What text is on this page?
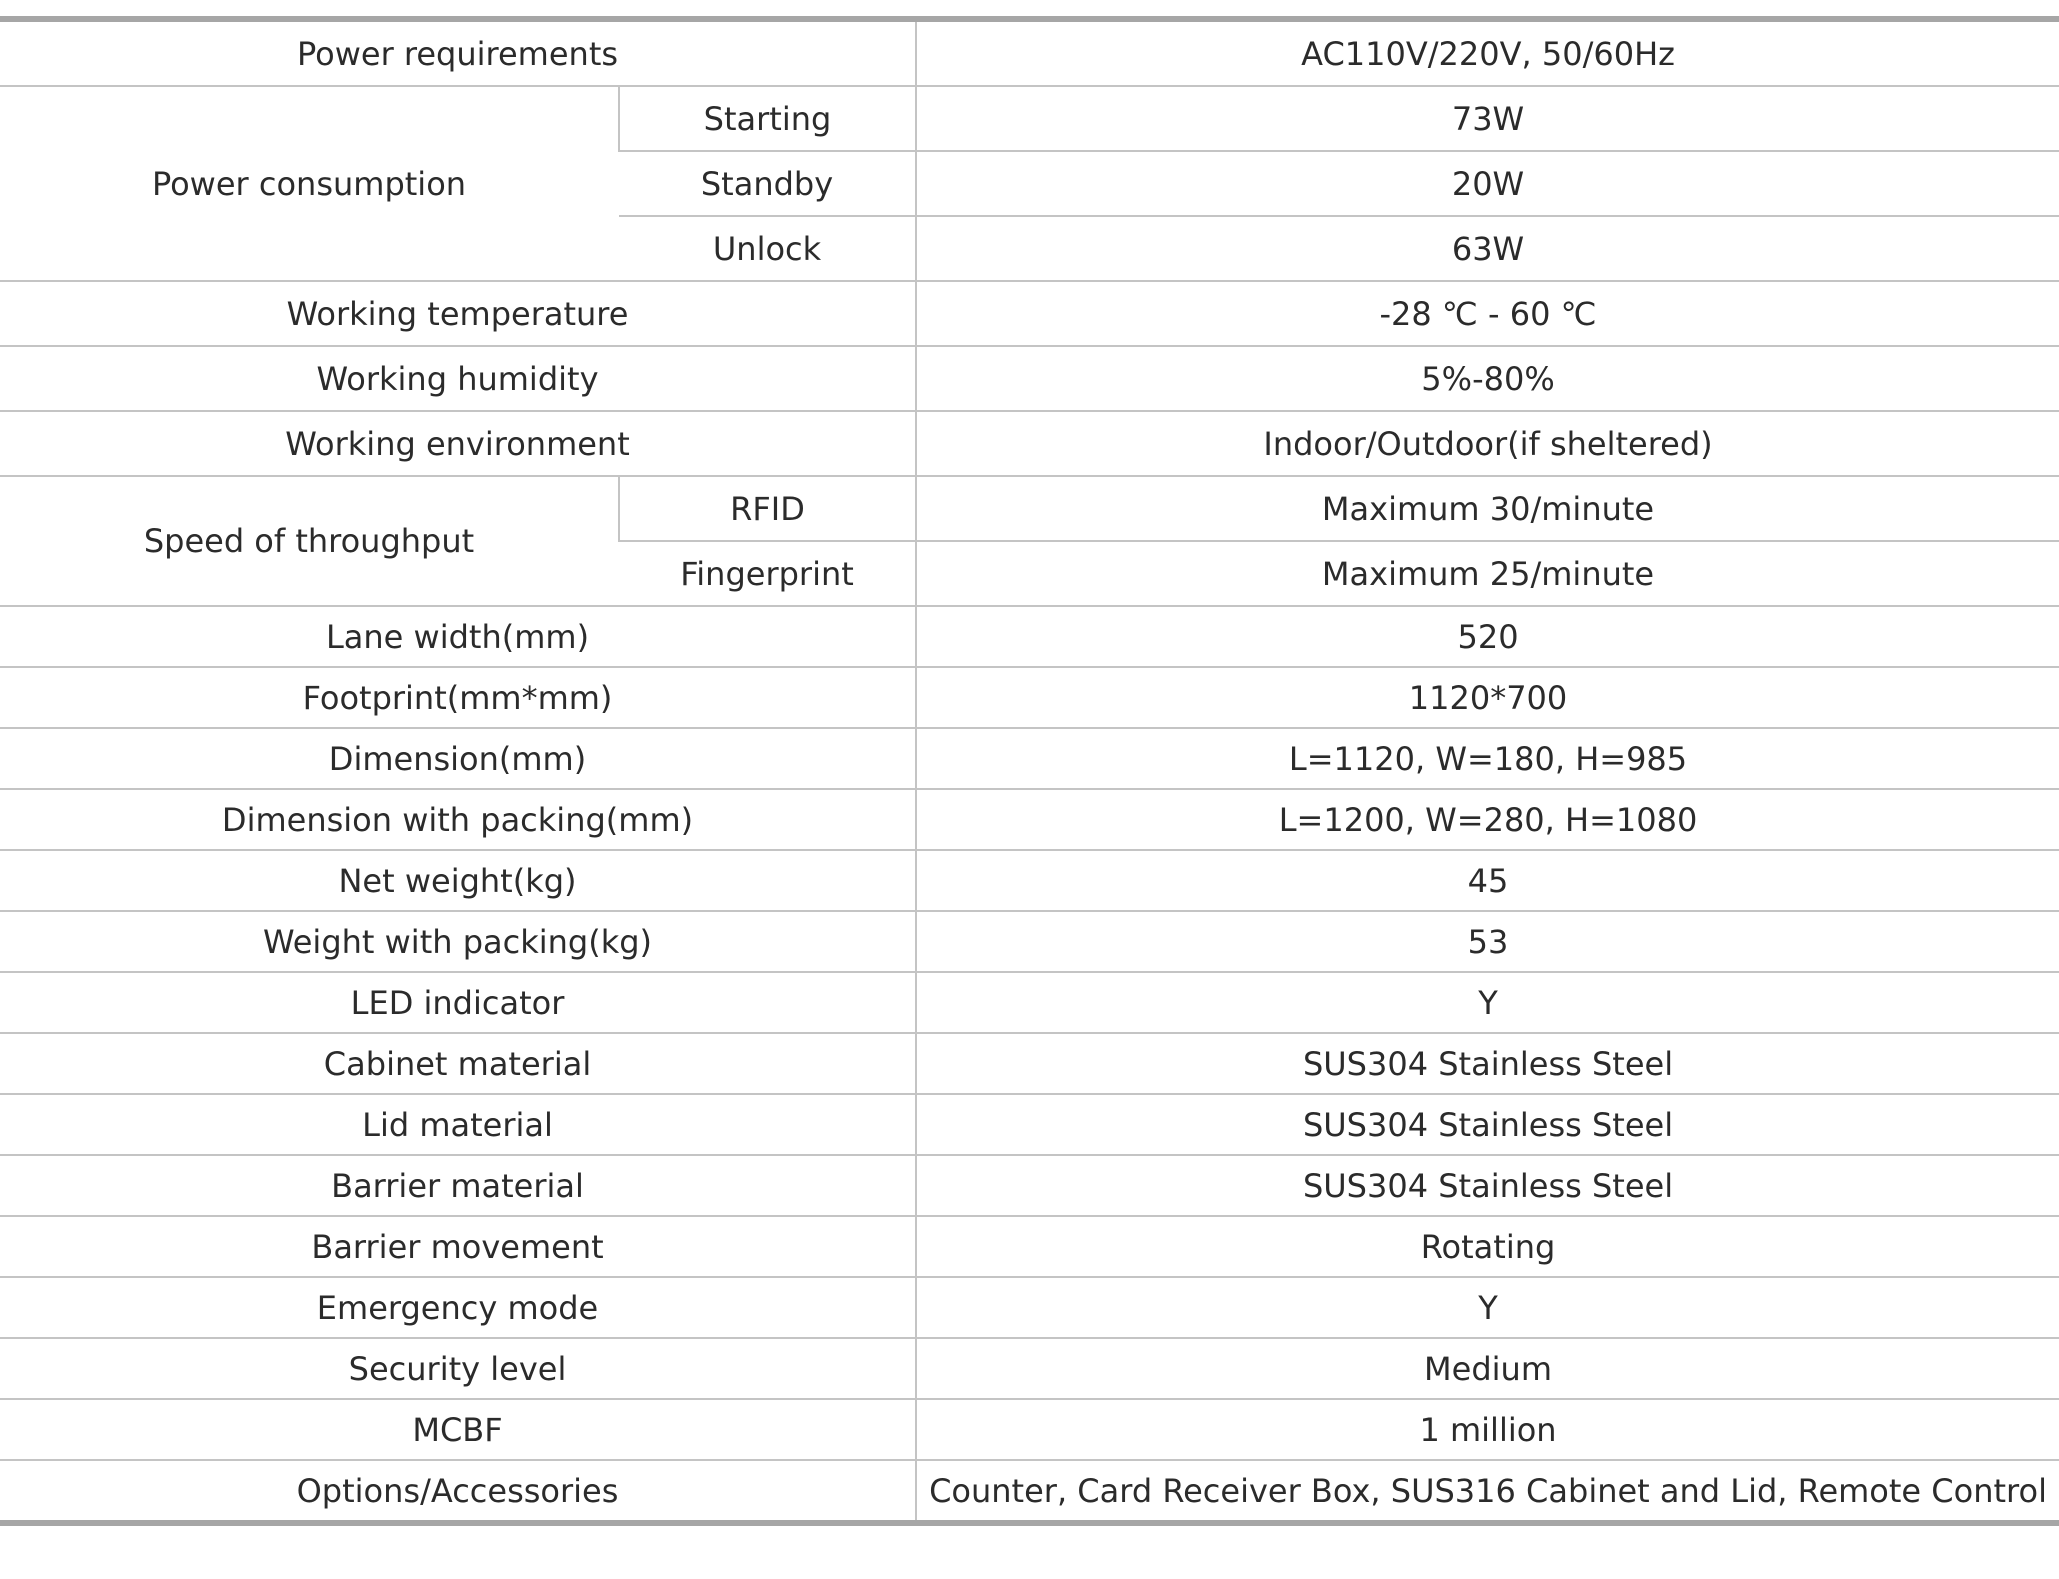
Power requirements		AC110V/220V, 50/60Hz
Power consumption	Starting	73W
	Standby	20W
	Unlock	63W
Working temperature		-28 ℃ - 60 ℃
Working humidity		5%-80%
Working environment		Indoor/Outdoor(if sheltered)
Speed of throughput	RFID	Maximum 30/minute
	Fingerprint	Maximum 25/minute
Lane width(mm)		520
Footprint(mm*mm)		1120*700
Dimension(mm)		L=1120, W=180, H=985
Dimension with packing(mm)		L=1200, W=280, H=1080
Net weight(kg)		45
Weight with packing(kg)		53
LED indicator		Y
Cabinet material		SUS304 Stainless Steel
Lid material		SUS304 Stainless Steel
Barrier material		SUS304 Stainless Steel
Barrier movement		Rotating
Emergency mode		Y
Security level		Medium
MCBF		1 million
Options/Accessories		Counter, Card Receiver Box, SUS316 Cabinet and Lid, Remote Control
